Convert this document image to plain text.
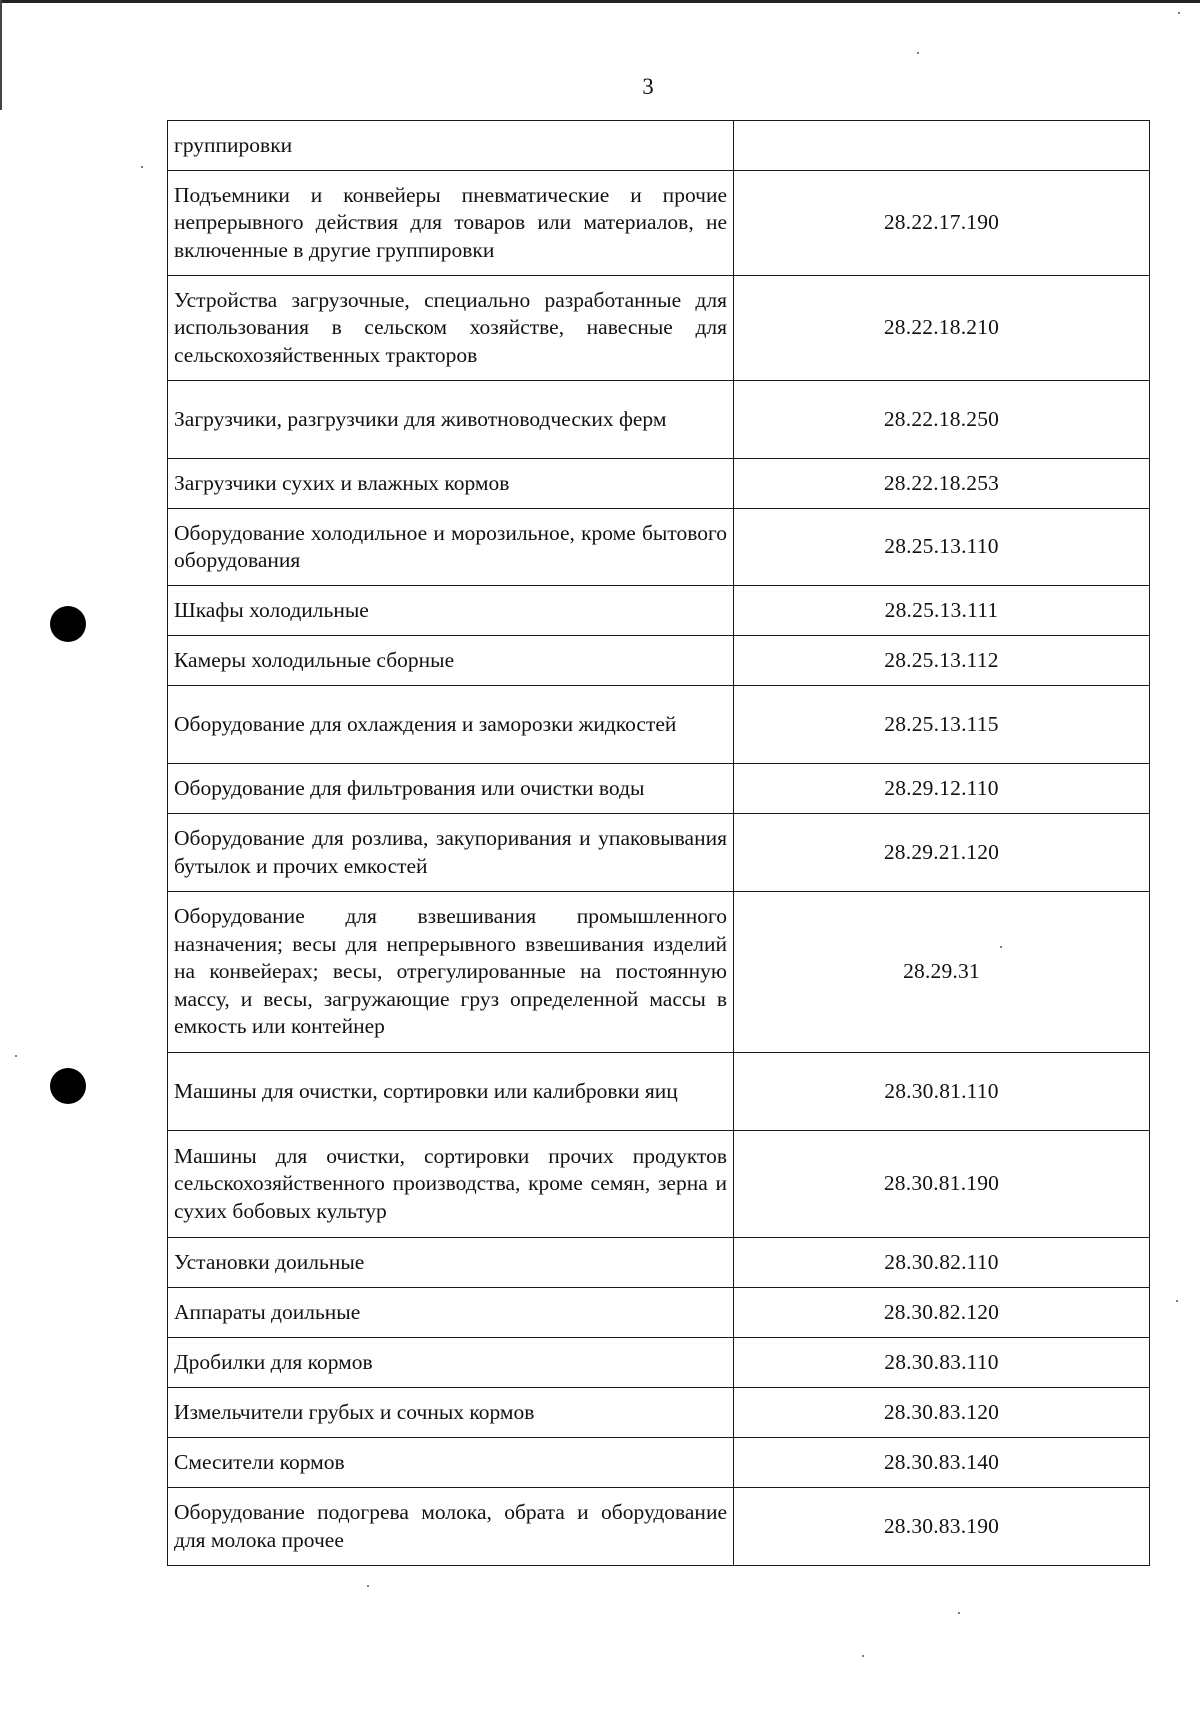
3
группировки	
Подъемники и конвейеры пневматические и прочие непрерывного действия для товаров или материалов, не включенные в другие группировки	28.22.17.190
Устройства загрузочные, специально разработанные для использования в сельском хозяйстве, навесные для сельскохозяйственных тракторов	28.22.18.210
Загрузчики, разгрузчики для животноводческих ферм	28.22.18.250
Загрузчики сухих и влажных кормов	28.22.18.253
Оборудование холодильное и морозильное, кроме бытового оборудования	28.25.13.110
Шкафы холодильные	28.25.13.111
Камеры холодильные сборные	28.25.13.112
Оборудование для охлаждения и заморозки жидкостей	28.25.13.115
Оборудование для фильтрования или очистки воды	28.29.12.110
Оборудование для розлива, закупоривания и упаковывания бутылок и прочих емкостей	28.29.21.120
Оборудование для взвешивания промышленного назначения; весы для непрерывного взвешивания изделий на конвейерах; весы, отрегулированные на постоянную массу, и весы, загружающие груз определенной массы в емкость или контейнер	28.29.31
Машины для очистки, сортировки или калибровки яиц	28.30.81.110
Машины для очистки, сортировки прочих продуктов сельскохозяйственного производства, кроме семян, зерна и сухих бобовых культур	28.30.81.190
Установки доильные	28.30.82.110
Аппараты доильные	28.30.82.120
Дробилки для кормов	28.30.83.110
Измельчители грубых и сочных кормов	28.30.83.120
Смесители кормов	28.30.83.140
Оборудование подогрева молока, обрата и оборудование для молока прочее	28.30.83.190
